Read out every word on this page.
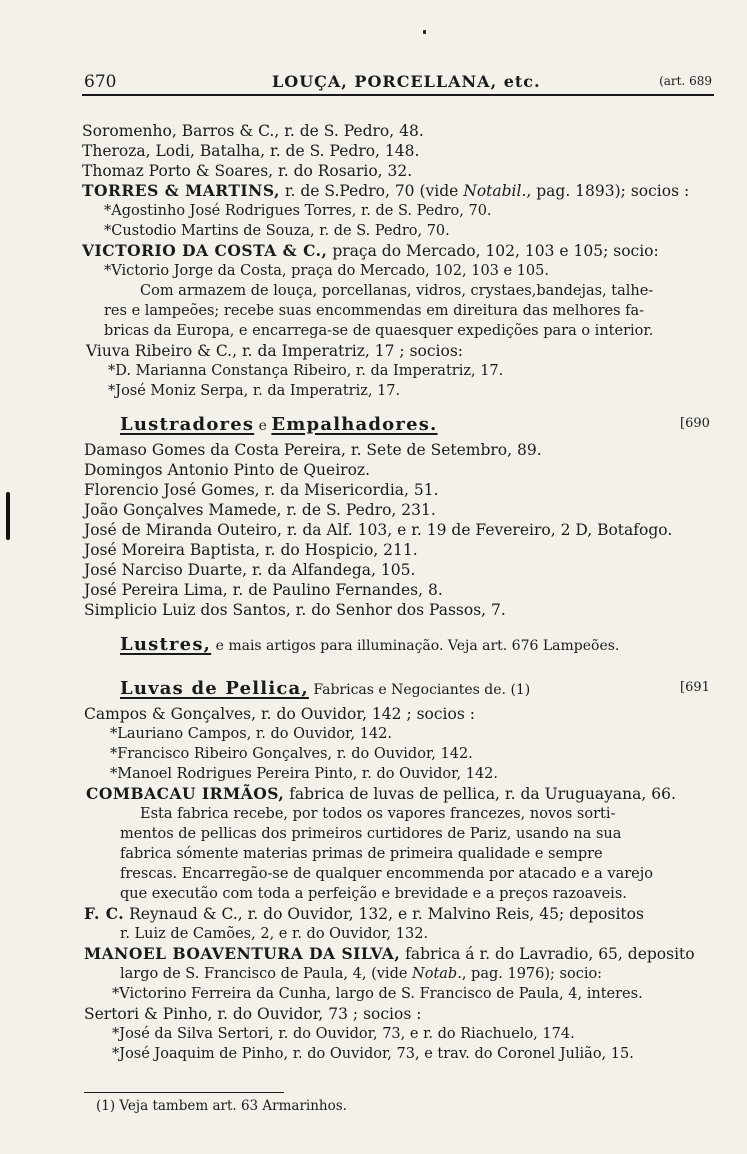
670	LOUÇA, PORCELLANA, etc.	(art. 689
Soromenho, Barros & C., r. de S. Pedro, 48.
Theroza, Lodi, Batalha, r. de S. Pedro, 148.
Thomaz Porto & Soares, r. do Rosario, 32.
TORRES & MARTINS, r. de S.Pedro, 70 (vide Notabil., pag. 1893); socios :
*Agostinho José Rodrigues Torres, r. de S. Pedro, 70.
*Custodio Martins de Souza, r. de S. Pedro, 70.
VICTORIO DA COSTA & C., praça do Mercado, 102, 103 e 105; socio:
*Victorio Jorge da Costa, praça do Mercado, 102, 103 e 105.
Com armazem de louça, porcellanas, vidros, crystaes,bandejas, talhe-
res e lampeões; recebe suas encommendas em direitura das melhores fa-
bricas da Europa, e encarrega-se de quaesquer expedições para o interior.
Viuva Ribeiro & C., r. da Imperatriz, 17 ; socios:
*D. Marianna Constança Ribeiro, r. da Imperatriz, 17.
*José Moniz Serpa, r. da Imperatriz, 17.
Lustradores e Empalhadores.	[690
Damaso Gomes da Costa Pereira, r. Sete de Setembro, 89.
Domingos Antonio Pinto de Queiroz.
Florencio José Gomes, r. da Misericordia, 51.
João Gonçalves Mamede, r. de S. Pedro, 231.
José de Miranda Outeiro, r. da Alf. 103, e r. 19 de Fevereiro, 2 D, Botafogo.
José Moreira Baptista, r. do Hospicio, 211.
José Narciso Duarte, r. da Alfandega, 105.
José Pereira Lima, r. de Paulino Fernandes, 8.
Simplicio Luiz dos Santos, r. do Senhor dos Passos, 7.
Lustres, e mais artigos para illuminação. Veja art. 676 Lampeões.
Luvas de Pellica, Fabricas e Negociantes de. (1)	[691
Campos & Gonçalves, r. do Ouvidor, 142 ; socios :
*Lauriano Campos, r. do Ouvidor, 142.
*Francisco Ribeiro Gonçalves, r. do Ouvidor, 142.
*Manoel Rodrigues Pereira Pinto, r. do Ouvidor, 142.
COMBACAU IRMÃOS, fabrica de luvas de pellica, r. da Uruguayana, 66.
Esta fabrica recebe, por todos os vapores francezes, novos sorti-
mentos de pellicas dos primeiros curtidores de Pariz, usando na sua
fabrica sómente materias primas de primeira qualidade e sempre
frescas. Encarregão-se de qualquer encommenda por atacado e a varejo
que executão com toda a perfeição e brevidade e a preços razoaveis.
F. C. Reynaud & C., r. do Ouvidor, 132, e r. Malvino Reis, 45; depositos
r. Luiz de Camões, 2, e r. do Ouvidor, 132.
MANOEL BOAVENTURA DA SILVA, fabrica á r. do Lavradio, 65, deposito
largo de S. Francisco de Paula, 4, (vide Notab., pag. 1976); socio:
*Victorino Ferreira da Cunha, largo de S. Francisco de Paula, 4, interes.
Sertori & Pinho, r. do Ouvidor, 73 ; socios :
*José da Silva Sertori, r. do Ouvidor, 73, e r. do Riachuelo, 174.
*José Joaquim de Pinho, r. do Ouvidor, 73, e trav. do Coronel Julião, 15.
(1) Veja tambem art. 63 Armarinhos.
